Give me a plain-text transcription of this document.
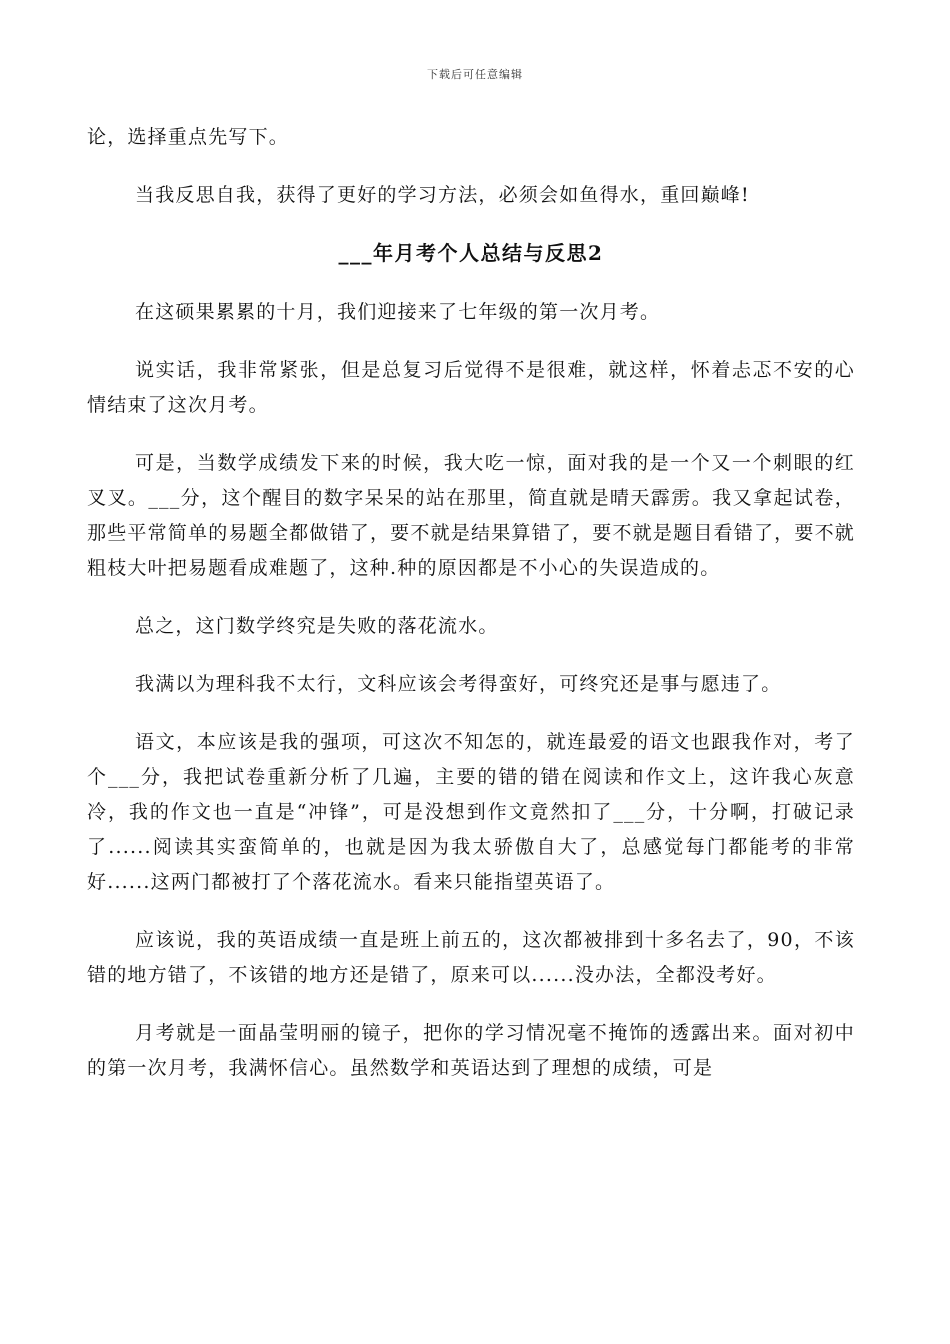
下载后可任意编辑

论，选择重点先写下。

当我反思自我，获得了更好的学习方法，必须会如鱼得水，重回巅峰!

___年月考个人总结与反思2

在这硕果累累的十月，我们迎接来了七年级的第一次月考。

说实话，我非常紧张，但是总复习后觉得不是很难，就这样，怀着忐忑不安的心情结束了这次月考。

可是，当数学成绩发下来的时候，我大吃一惊，面对我的是一个又一个刺眼的红叉叉。___分，这个醒目的数字呆呆的站在那里，简直就是晴天霹雳。我又拿起试卷，那些平常简单的易题全都做错了，要不就是结果算错了，要不就是题目看错了，要不就粗枝大叶把易题看成难题了，这种.种的原因都是不小心的失误造成的。

总之，这门数学终究是失败的落花流水。

我满以为理科我不太行，文科应该会考得蛮好，可终究还是事与愿违了。

语文，本应该是我的强项，可这次不知怎的，就连最爱的语文也跟我作对，考了个___分，我把试卷重新分析了几遍，主要的错的错在阅读和作文上，这许我心灰意冷，我的作文也一直是“冲锋”，可是没想到作文竟然扣了___分，十分啊，打破记录了......阅读其实蛮简单的，也就是因为我太骄傲自大了，总感觉每门都能考的非常好......这两门都被打了个落花流水。看来只能指望英语了。

应该说，我的英语成绩一直是班上前五的，这次都被排到十多名去了，90，不该错的地方错了，不该错的地方还是错了，原来可以......没办法，全都没考好。

月考就是一面晶莹明丽的镜子，把你的学习情况毫不掩饰的透露出来。面对初中的第一次月考，我满怀信心。虽然数学和英语达到了理想的成绩，可是
